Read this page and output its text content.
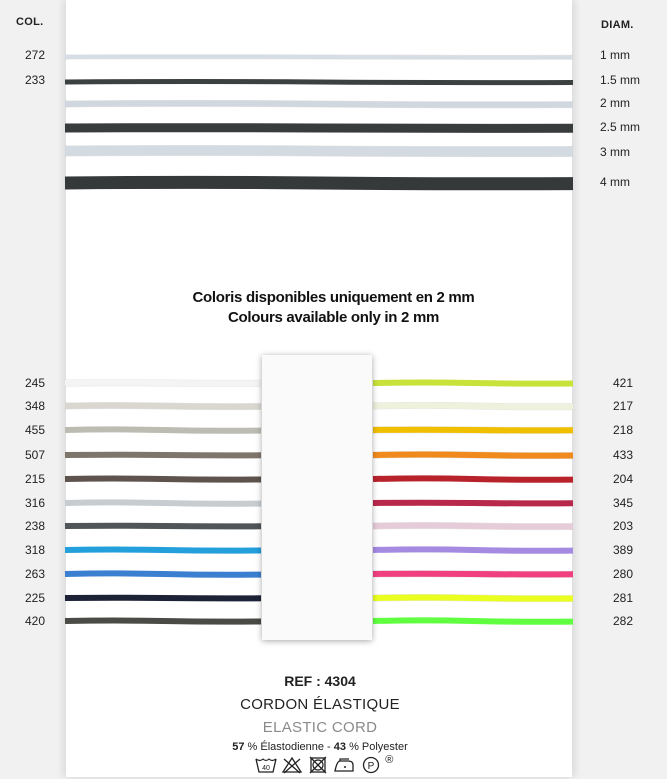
COL.	DIAM.
272	1 mm
233	1.5 mm
2 mm
2.5 mm
3 mm
4 mm
245
348
455
507
215
316
238
318
263
225
420
421
217
218
433
204
345
203
389
280
281
282
Coloris disponibles uniquement en 2 mm
Colours available only in 2 mm
REF : 4304
CORDON ÉLASTIQUE
ELASTIC CORD
57 % Élastodienne - 43 % Polyester
40
	P
®
